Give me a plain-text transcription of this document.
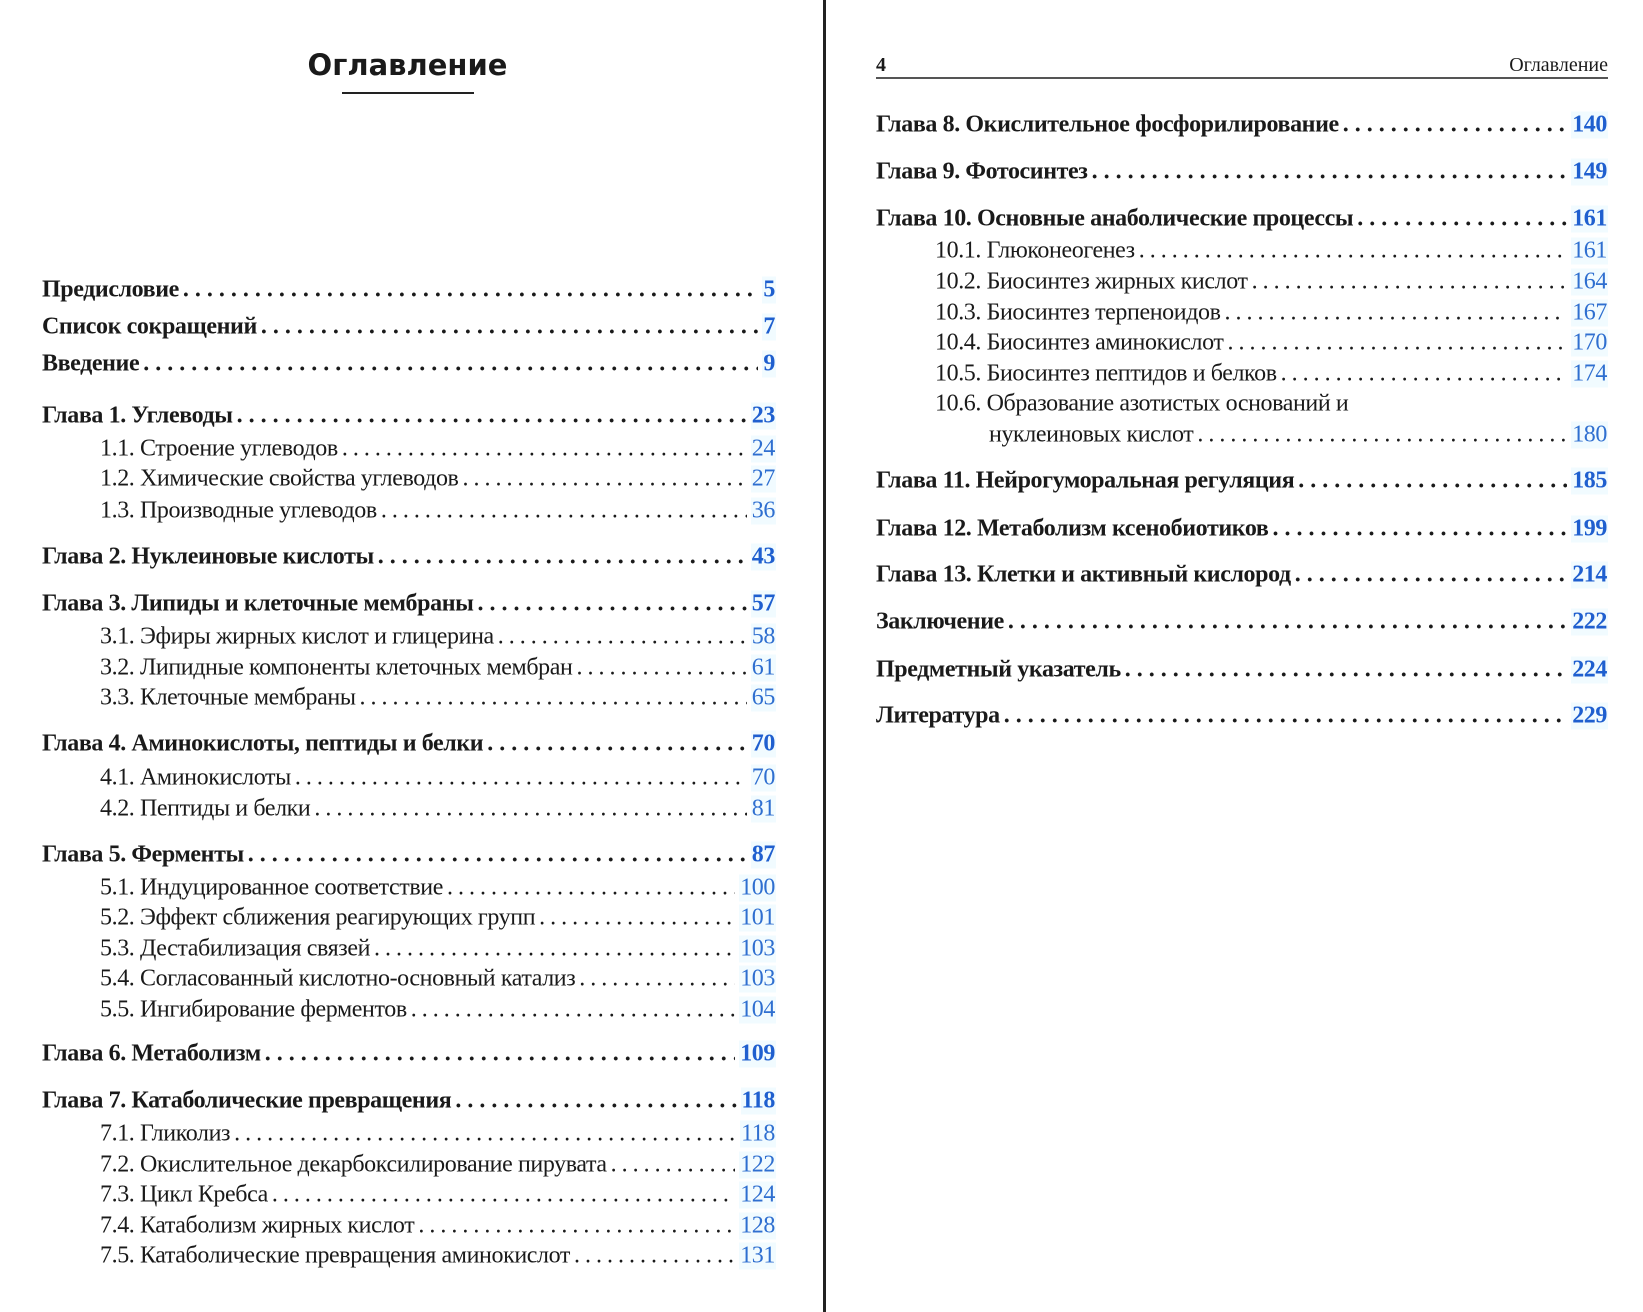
Оглавление	4	Оглавление
Предисловие . . .	5
Список сокращений . . .	7
Введение . . .	9
Глава 1. Углеводы . . .	23
1.1. Строение углеводов . . .	24
1.2. Химические свойства углеводов . . .	27
1.3. Производные углеводов . . .	36
Глава 2. Нуклеиновые кислоты . . .	43
Глава 3. Липиды и клеточные мембраны . . .	57
3.1. Эфиры жирных кислот и глицерина . . .	58
3.2. Липидные компоненты клеточных мембран . . .	61
3.3. Клеточные мембраны . . .	65
Глава 4. Аминокислоты, пептиды и белки . . .	70
4.1. Аминокислоты . . .	70
4.2. Пептиды и белки . . .	81
Глава 5. Ферменты . . .	87
5.1. Индуцированное соответствие . . .	100
5.2. Эффект сближения реагирующих групп . . .	101
5.3. Дестабилизация связей . . .	103
5.4. Согласованный кислотно-основный катализ . . .	103
5.5. Ингибирование ферментов . . .	104
Глава 6. Метаболизм . . .	109
Глава 7. Катаболические превращения . . .	118
7.1. Гликолиз . . .	118
7.2. Окислительное декарбоксилирование пирувата . . .	122
7.3. Цикл Кребса . . .	124
7.4. Катаболизм жирных кислот . . .	128
7.5. Катаболические превращения аминокислот . . .	131
Глава 8. Окислительное фосфорилирование . . .	140
Глава 9. Фотосинтез . . .	149
Глава 10. Основные анаболические процессы . . .	161
10.1. Глюконеогенез . . .	161
10.2. Биосинтез жирных кислот . . .	164
10.3. Биосинтез терпеноидов . . .	167
10.4. Биосинтез аминокислот . . .	170
10.5. Биосинтез пептидов и белков . . .	174
10.6. Образование азотистых оснований и
нуклеиновых кислот . . .	180
Глава 11. Нейрогуморальная регуляция . . .	185
Глава 12. Метаболизм ксенобиотиков . . .	199
Глава 13. Клетки и активный кислород . . .	214
Заключение . . .	222
Предметный указатель . . .	224
Литература . . .	229
